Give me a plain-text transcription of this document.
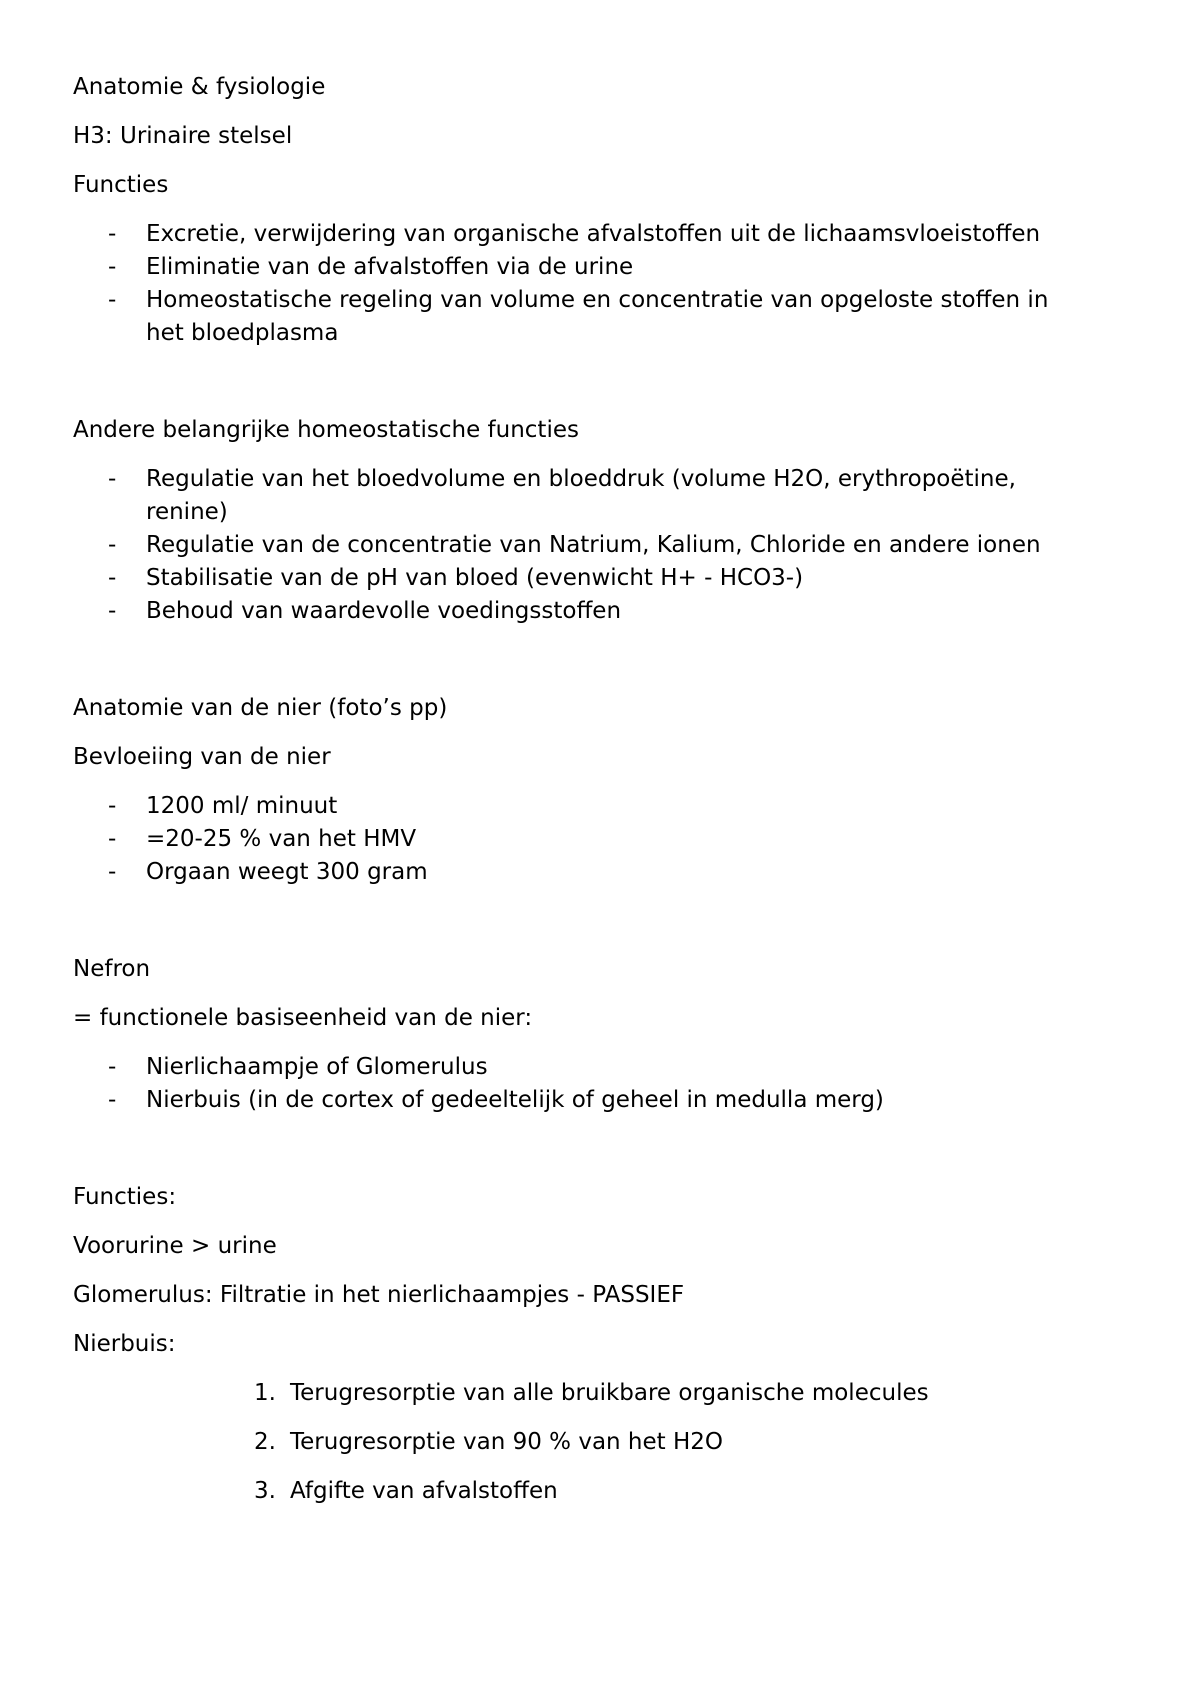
Anatomie & fysiologie
H3: Urinaire stelsel
Functies
- Excretie, verwijdering van organische afvalstoffen uit de lichaamsvloeistoffen
- Eliminatie van de afvalstoffen via de urine
- Homeostatische regeling van volume en concentratie van opgeloste stoffen in
het bloedplasma
Andere belangrijke homeostatische functies
- Regulatie van het bloedvolume en bloeddruk (volume H2O, erythropoëtine,
renine)
- Regulatie van de concentratie van Natrium, Kalium, Chloride en andere ionen
- Stabilisatie van de pH van bloed (evenwicht H+ - HCO3-)
- Behoud van waardevolle voedingsstoffen
Anatomie van de nier (foto’s pp)
Bevloeiing van de nier
- 1200 ml/ minuut
- =20-25 % van het HMV
- Orgaan weegt 300 gram
Nefron
= functionele basiseenheid van de nier:
- Nierlichaampje of Glomerulus
- Nierbuis (in de cortex of gedeeltelijk of geheel in medulla merg)
Functies:
Voorurine > urine
Glomerulus: Filtratie in het nierlichaampjes - PASSIEF
Nierbuis:
1. Terugresorptie van alle bruikbare organische molecules
2. Terugresorptie van 90 % van het H2O
3. Afgifte van afvalstoffen
